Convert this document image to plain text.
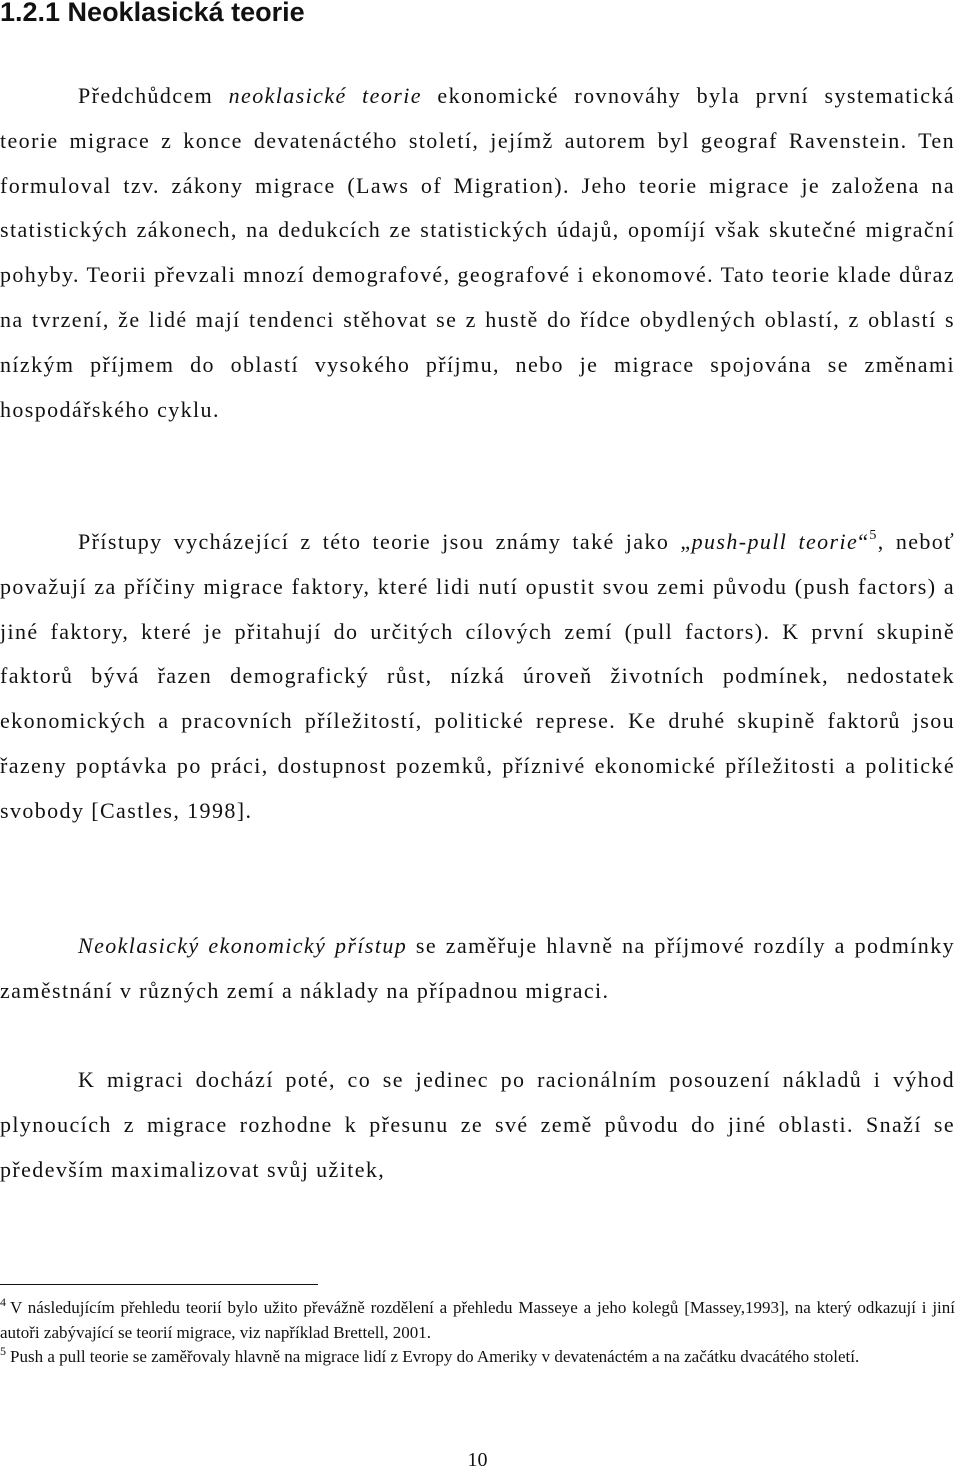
1.2.1 Neoklasická teorie

Předchůdcem neoklasické teorie ekonomické rovnováhy byla první systematická teorie migrace z konce devatenáctého století, jejímž autorem byl geograf Ravenstein. Ten formuloval tzv. zákony migrace (Laws of Migration). Jeho teorie migrace je založena na statistických zákonech, na dedukcích ze statistických údajů, opomíjí však skutečné migrační pohyby. Teorii převzali mnozí demografové, geografové i ekonomové. Tato teorie klade důraz na tvrzení, že lidé mají tendenci stěhovat se z hustě do řídce obydlených oblastí, z oblastí s nízkým příjmem do oblastí vysokého příjmu, nebo je migrace spojována se změnami hospodářského cyklu.

Přístupy vycházející z této teorie jsou známy také jako „push-pull teorie“$^5$, neboť považují za příčiny migrace faktory, které lidi nutí opustit svou zemi původu (push factors) a jiné faktory, které je přitahují do určitých cílových zemí (pull factors). K první skupině faktorů bývá řazen demografický růst, nízká úroveň životních podmínek, nedostatek ekonomických a pracovních příležitostí, politické represe. Ke druhé skupině faktorů jsou řazeny poptávka po práci, dostupnost pozemků, příznivé ekonomické příležitosti a politické svobody [Castles, 1998].

Neoklasický ekonomický přístup se zaměřuje hlavně na příjmové rozdíly a podmínky zaměstnání v různých zemí a náklady na případnou migraci.

K migraci dochází poté, co se jedinec po racionálním posouzení nákladů i výhod plynoucích z migrace rozhodne k přesunu ze své země původu do jiné oblasti. Snaží se především maximalizovat svůj užitek,

$^4$ V následujícím přehledu teorií bylo užito převážně rozdělení a přehledu Masseye a jeho kolegů [Massey,1993], na který odkazují i jiní autoři zabývající se teorií migrace, viz například Brettell, 2001.

$^5$ Push a pull teorie se zaměřovaly hlavně na migrace lidí z Evropy do Ameriky v devatenáctém a na začátku dvacátého století.

10
